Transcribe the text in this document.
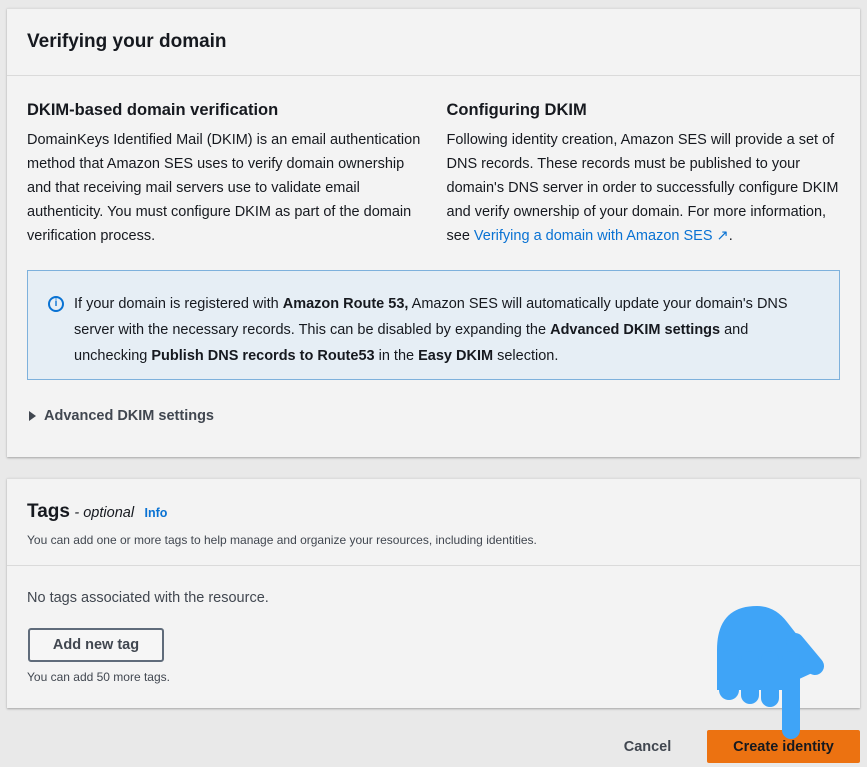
Verifying your domain
DKIM-based domain verification

DomainKeys Identified Mail (DKIM) is an email authentication method that Amazon SES uses to verify domain ownership and that receiving mail servers use to validate email authenticity. You must configure DKIM as part of the domain verification process.

Configuring DKIM

Following identity creation, Amazon SES will provide a set of DNS records. These records must be published to your domain's DNS server in order to successfully configure DKIM and verify ownership of your domain. For more information, see Verifying a domain with Amazon SES ↗.

i	If your domain is registered with Amazon Route 53, Amazon SES will automatically update your domain's DNS server with the necessary records. This can be disabled by expanding the Advanced DKIM settings and unchecking Publish DNS records to Route53 in the Easy DKIM selection.
Advanced DKIM settings
Tags - optional Info

You can add one or more tags to help manage and organize your resources, including identities.

No tags associated with the resource.
Add new tag
You can add 50 more tags.
Cancel	Create identity
